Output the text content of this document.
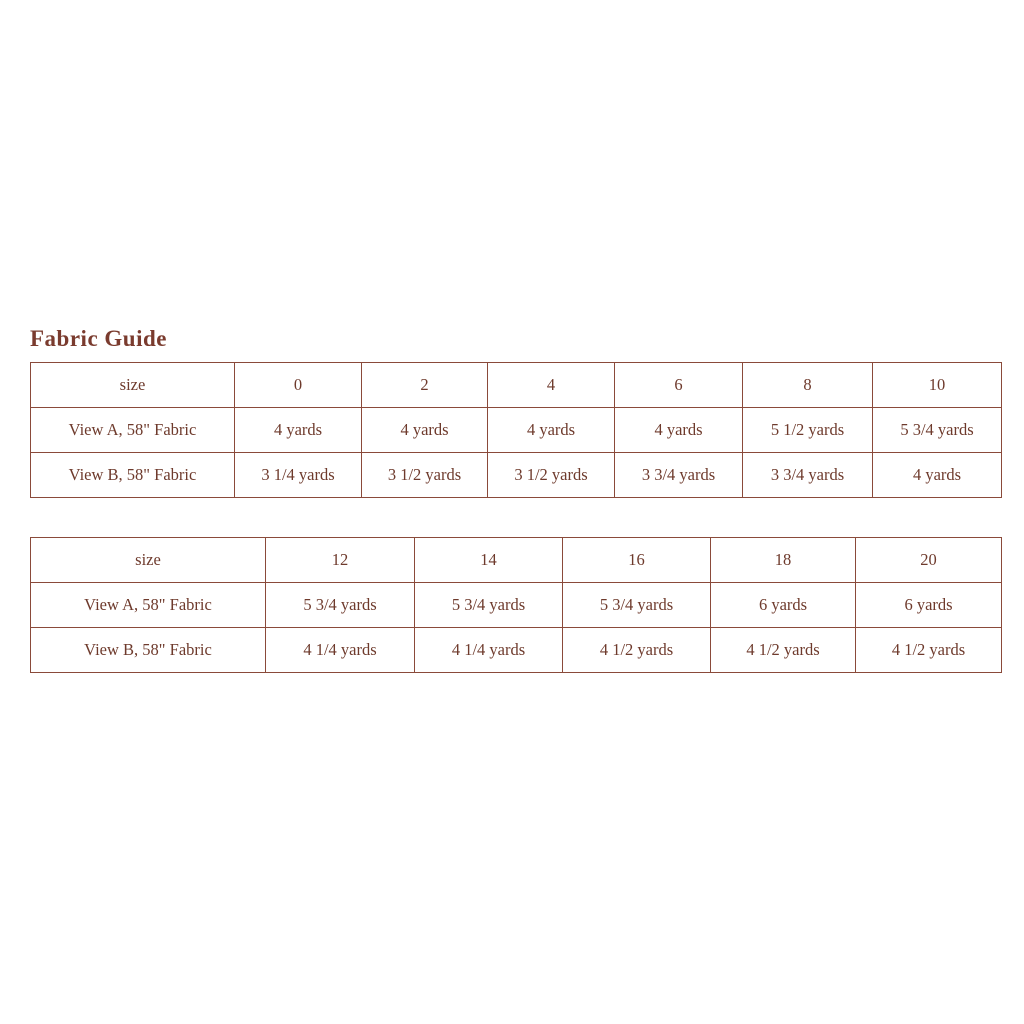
Fabric Guide
size	0	2	4	6	8	10
View A, 58" Fabric	4 yards	4 yards	4 yards	4 yards	5 1/2 yards	5 3/4 yards
View B, 58" Fabric	3 1/4 yards	3 1/2 yards	3 1/2 yards	3 3/4 yards	3 3/4 yards	4 yards
size	12	14	16	18	20
View A, 58" Fabric	5 3/4 yards	5 3/4 yards	5 3/4 yards	6 yards	6 yards
View B, 58" Fabric	4 1/4 yards	4 1/4 yards	4 1/2 yards	4 1/2 yards	4 1/2 yards
